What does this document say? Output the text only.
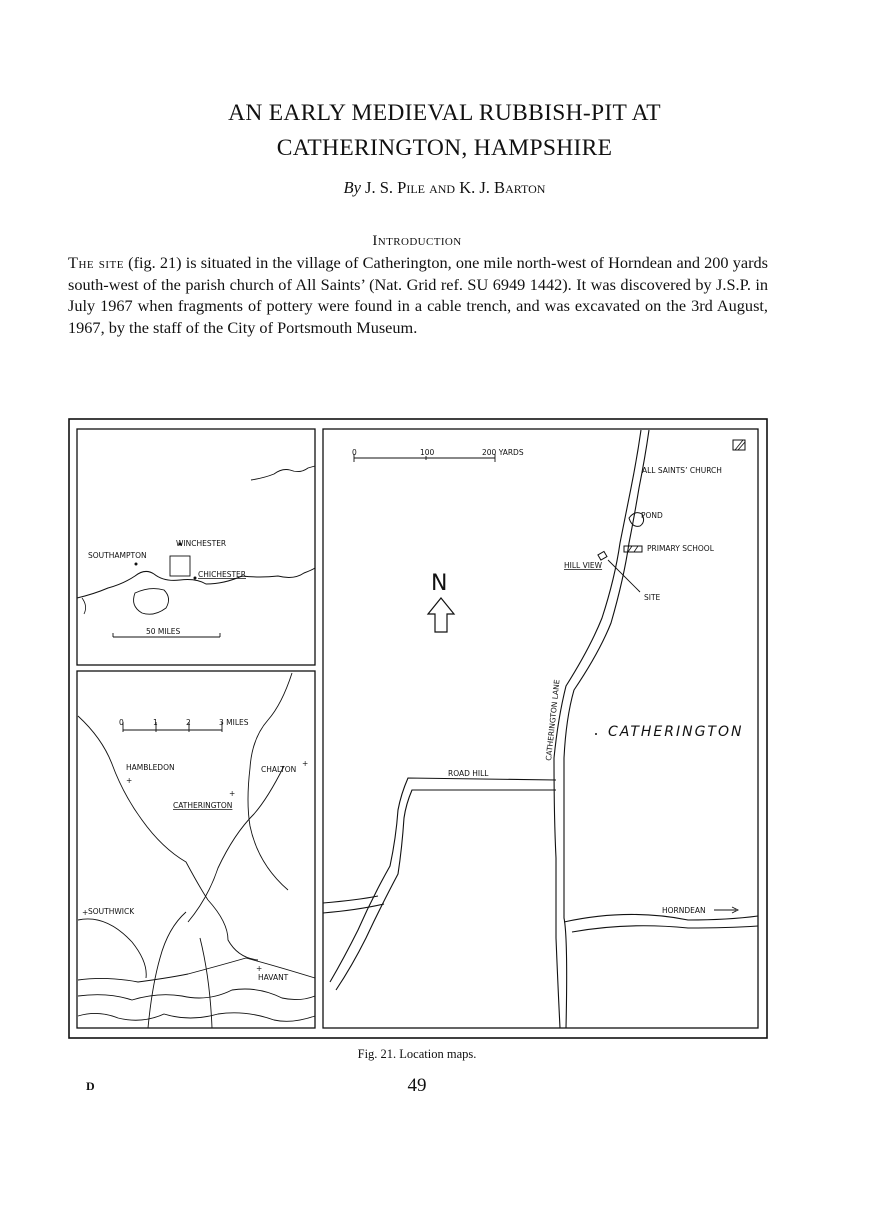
AN EARLY MEDIEVAL RUBBISH-PIT AT
CATHERINGTON, HAMPSHIRE
By J. S. Pile and K. J. Barton
Introduction
The site (fig. 21) is situated in the village of Catherington, one mile north-west of Horndean and 200 yards south-west of the parish church of All Saints’ (Nat. Grid ref. SU 6949 1442). It was discovered by J.S.P. in July 1967 when fragments of pottery were found in a cable trench, and was excavated on the 3rd August, 1967, by the staff of the City of Portsmouth Museum.
WINCHESTER
SOUTHAMPTON
CHICHESTER
50 MILES
0	1	2	3 MILES
HAMBLEDON
+
CHALTON
+
+
CATHERINGTON
+ SOUTHWICK
+
HAVANT
0	100	200 YARDS
N
ALL SAINTS’ CHURCH
POND
PRIMARY SCHOOL
HILL VIEW
SITE
CATHERINGTON LANE	CATHERINGTON
ROAD HILL
HORNDEAN
Fig. 21. Location maps.
D	49
